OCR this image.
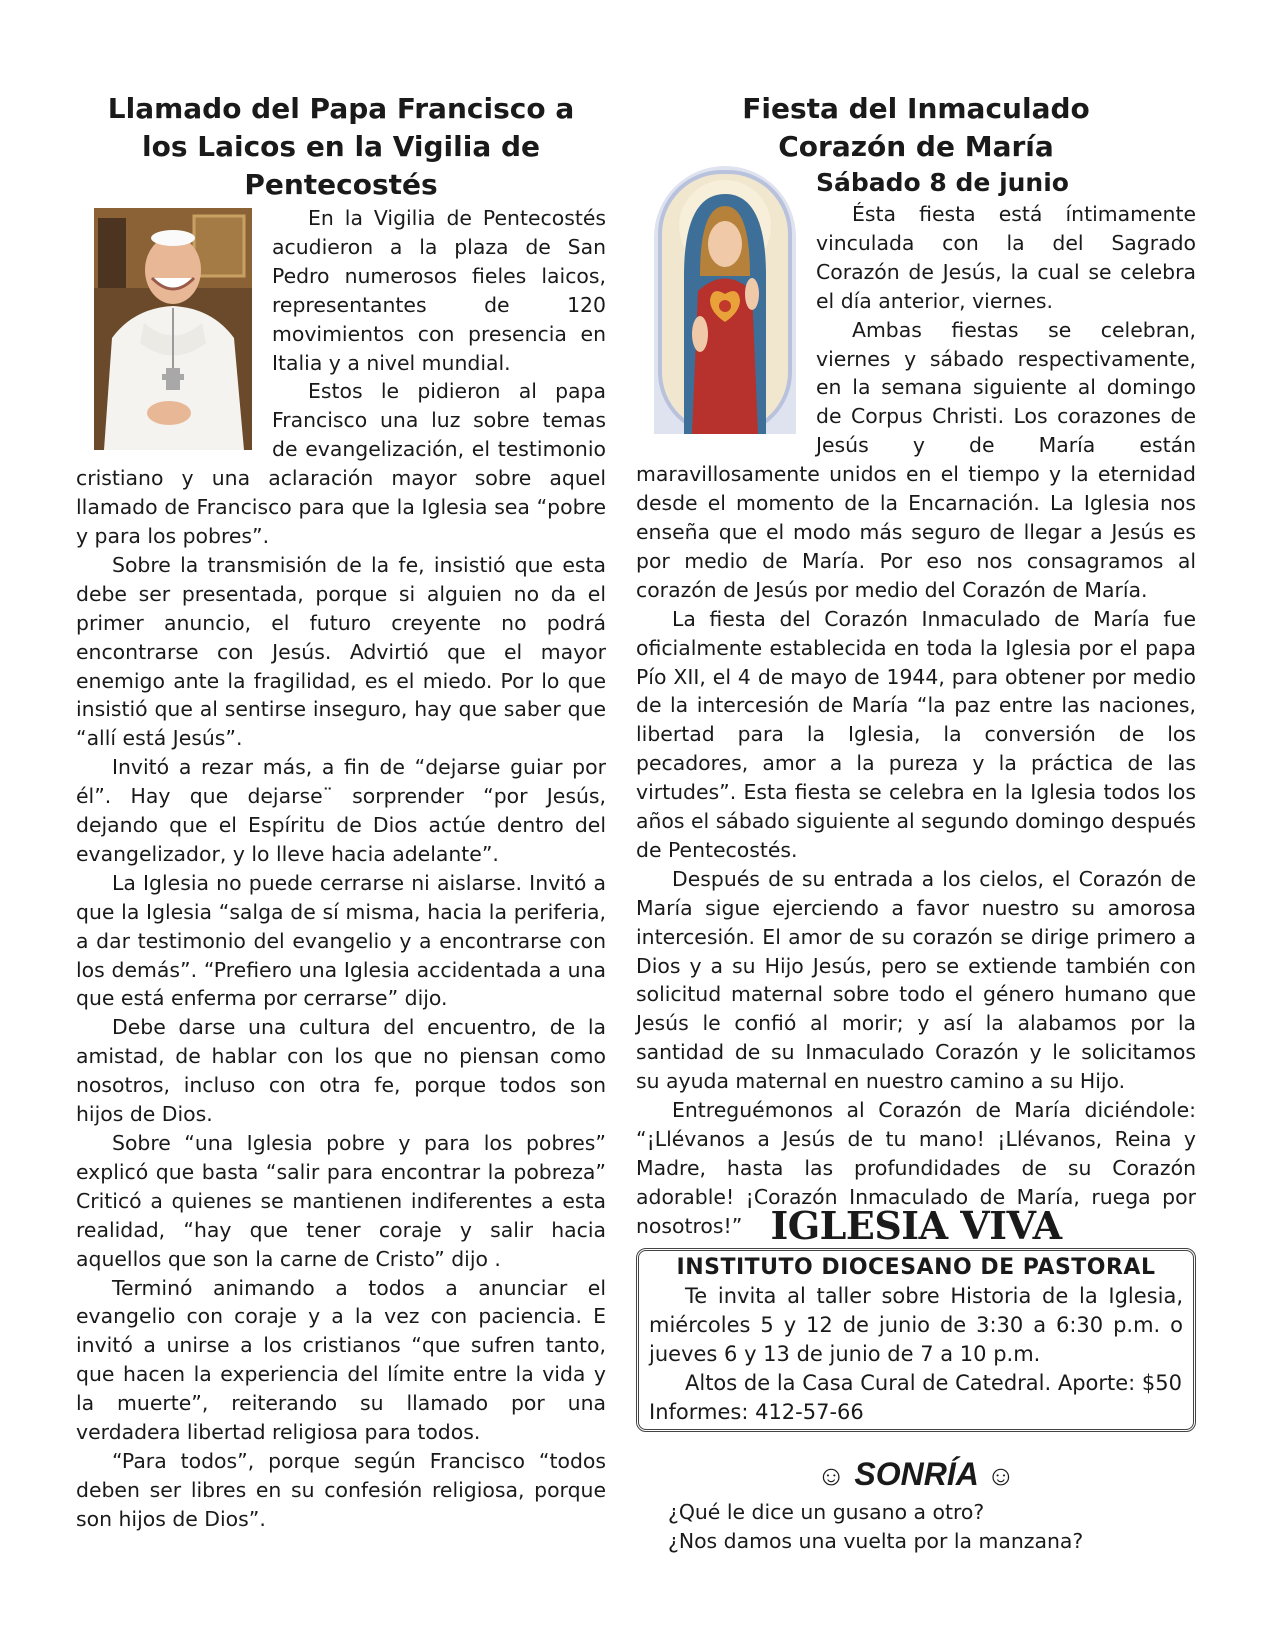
Llamado del Papa Francisco a los Laicos en la Vigilia de Pentecostés

En la Vigilia de Pentecostés acudieron a la plaza de San Pedro numerosos fieles laicos, representantes de 120 movimientos con presencia en Italia y a nivel mundial.

Estos le pidieron al papa Francisco una luz sobre temas de evangelización, el testimonio cristiano y una aclaración mayor sobre aquel llamado de Francisco para que la Iglesia sea “pobre y para los pobres”.

Sobre la transmisión de la fe, insistió que esta debe ser presentada, porque si alguien no da el primer anuncio, el futuro creyente no podrá encontrarse con Jesús. Advirtió que el mayor enemigo ante la fragilidad, es el miedo. Por lo que insistió que al sentirse inseguro, hay que saber que “allí está Jesús”.

Invitó a rezar más, a fin de “dejarse guiar por él”. Hay que dejarse¨ sorprender “por Jesús, dejando que el Espíritu de Dios actúe dentro del evangelizador, y lo lleve hacia adelante”.

La Iglesia no puede cerrarse ni aislarse. Invitó a que la Iglesia “salga de sí misma, hacia la periferia, a dar testimonio del evangelio y a encontrarse con los demás”. “Prefiero una Iglesia accidentada a una que está enferma por cerrarse” dijo.

Debe darse una cultura del encuentro, de la amistad, de hablar con los que no piensan como nosotros, incluso con otra fe, porque todos son hijos de Dios.

Sobre “una Iglesia pobre y para los pobres” explicó que basta “salir para encontrar la pobreza” Criticó a quienes se mantienen indiferentes a esta realidad, “hay que tener coraje y salir hacia aquellos que son la carne de Cristo” dijo .

Terminó animando a todos a anunciar el evangelio con coraje y a la vez con paciencia. E invitó a unirse a los cristianos “que sufren tanto, que hacen la experiencia del límite entre la vida y la muerte”, reiterando su llamado por una verdadera libertad religiosa para todos.

“Para todos”, porque según Francisco “todos deben ser libres en su confesión religiosa, porque son hijos de Dios”.

Fiesta del Inmaculado Corazón de María

Sábado 8 de junio

Ésta fiesta está íntimamente vinculada con la del Sagrado Corazón de Jesús, la cual se celebra el día anterior, viernes.

Ambas fiestas se celebran, viernes y sábado respectivamente, en la semana siguiente al domingo de Corpus Christi. Los corazones de Jesús y de María están maravillosamente unidos en el tiempo y la eternidad desde el momento de la Encarnación. La Iglesia nos enseña que el modo más seguro de llegar a Jesús es por medio de María. Por eso nos consagramos al corazón de Jesús por medio del Corazón de María.

La fiesta del Corazón Inmaculado de María fue oficialmente establecida en toda la Iglesia por el papa Pío XII, el 4 de mayo de 1944, para obtener por medio de la intercesión de María “la paz entre las naciones, libertad para la Iglesia, la conversión de los pecadores, amor a la pureza y la práctica de las virtudes”. Esta fiesta se celebra en la Iglesia todos los años el sábado siguiente al segundo domingo después de Pentecostés.

Después de su entrada a los cielos, el Corazón de María sigue ejerciendo a favor nuestro su amorosa intercesión. El amor de su corazón se dirige primero a Dios y a su Hijo Jesús, pero se extiende también con solicitud maternal sobre todo el género humano que Jesús le confió al morir; y así la alabamos por la santidad de su Inmaculado Corazón y le solicitamos su ayuda maternal en nuestro camino a su Hijo.

Entreguémonos al Corazón de María diciéndole: “¡Llévanos a Jesús de tu mano! ¡Llévanos, Reina y Madre, hasta las profundidades de su Corazón adorable! ¡Corazón Inmaculado de María, ruega por nosotros!” IGLESIA VIVA
INSTITUTO DIOCESANO DE PASTORAL

Te invita al taller sobre Historia de la Iglesia, miércoles 5 y 12 de junio de 3:30 a 6:30 p.m. o jueves 6 y 13 de junio de 7 a 10 p.m.

Altos de la Casa Cural de Catedral. Aporte: $50

Informes: 412-57-66

☺ SONRÍA ☺

¿Qué le dice un gusano a otro?

¿Nos damos una vuelta por la manzana?
